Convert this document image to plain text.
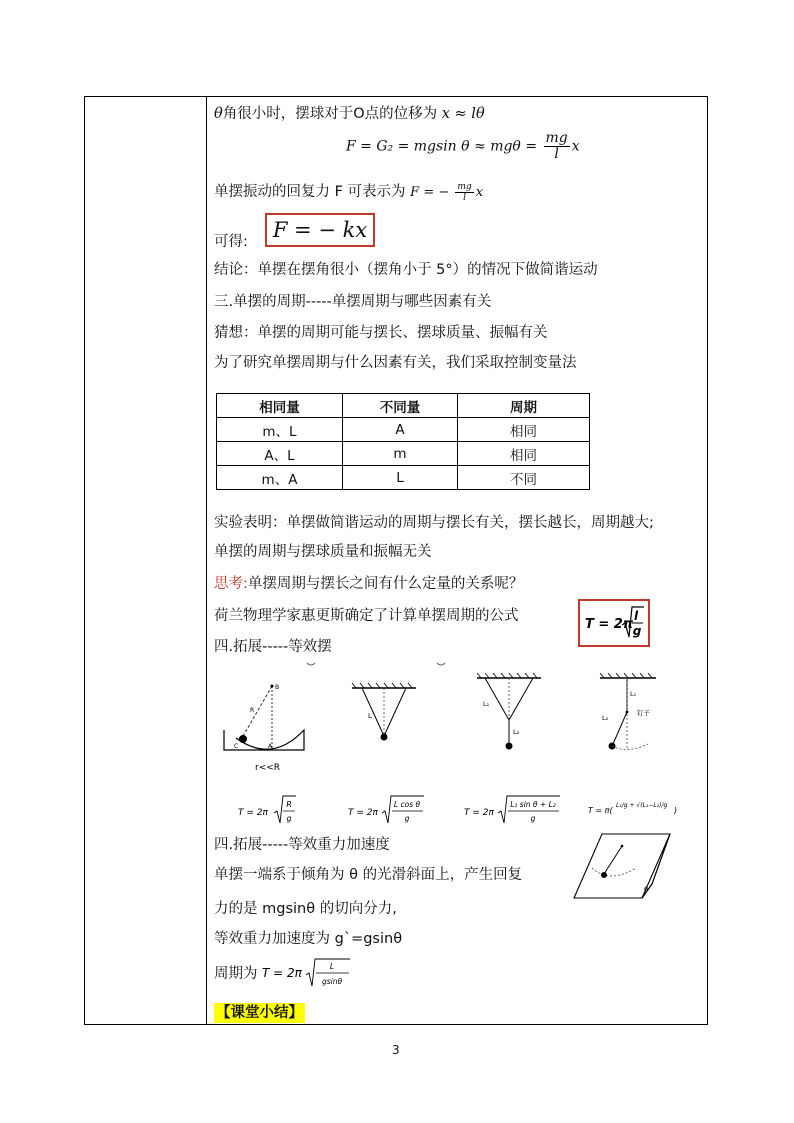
θ角很小时，摆球对于O点的位移为 x ≈ lθ
F = G₂ = mgsin $\theta \approx mg\theta = \frac{mg}{l}$ x
单摆振动的回复力 F 可表示为 F = − $\frac{mg}{l}$ x
可得:	F = − kx
结论：单摆在摆角很小（摆角小于 5°）的情况下做简谐运动
三.单摆的周期-----单摆周期与哪些因素有关
猜想：单摆的周期可能与摆长、摆球质量、振幅有关
为了研究单摆周期与什么因素有关，我们采取控制变量法
相同量	不同量	周期
m、L	A	相同
A、L	m	相同
m、A	L	不同
实验表明：单摆做简谐运动的周期与摆长有关，摆长越长，周期越大;
单摆的周期与摆球质量和振幅无关
思考:单摆周期与摆长之间有什么定量的关系呢？
荷兰物理学家惠更斯确定了计算单摆周期的公式
T = 2π
l
g
四.拓展-----等效摆
B
R
C	A
r<<R
L
L₁
L₂
L₁
L₂
钉子
T = 2π
R
g
T = 2π
L cos θ
g
T = 2π
L₁ sin θ + L₂
g
T = π(
L₁/g + √(L₁−L₂)/g
)
四.拓展-----等效重力加速度
单摆一端系于倾角为 θ 的光滑斜面上，产生回复
力的是 mgsinθ 的切向分力,
等效重力加速度为 g`=gsinθ
θ
周期为 T = 2π	L
gsinθ
【课堂小结】
3
